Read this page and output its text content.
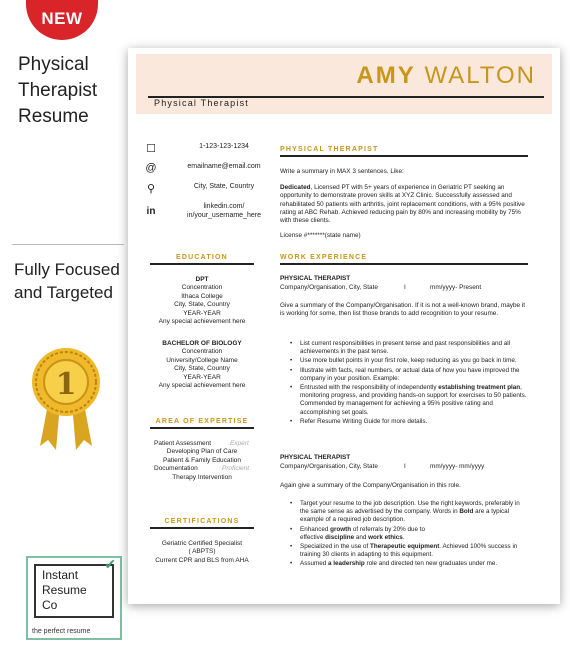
NEW
Physical
Therapist
Resume
Fully Focused
and Targeted
1
Instant
Resume
Co
✔
the perfect resume
AMY WALTON
Physical Therapist
☐	1-123-123-1234
@	emailname@email.com
⚲	City, State, Country
in	linkedin.com/
in/your_username_here
EDUCATION
DPT
Concentration
Ithaca College
City, State, Country
YEAR-YEAR
Any special achievement here
BACHELOR OF BIOLOGY
Concentration
University/College Name
City, State, Country
YEAR-YEAR
Any special achievement here
AREA OF EXPERTISE
Patient Assessment	Expert
Developing Plan of Care
Patient & Family Education
Documentation	Proficient
Therapy Intervention
CERTIFICATIONS
Geriatric Certified Specialist
( ABPTS)
Current CPR and BLS from AHA
PHYSICAL THERAPIST
Write a summary in MAX 3 sentences. Like:
Dedicated, Licensed PT with 5+ years of experience in Geriatric PT seeking an opportunity to demonstrate proven skills at XYZ Clinic. Successfully assessed and rehabilitated 50 patients with arthritis, joint replacement conditions, with a 95% positive rating at ABC Rehab. Achieved reducing pain by 80% and increasing mobility by 75% with these clients.
License #*******(state name)
WORK EXPERIENCE
PHYSICAL THERAPIST
Company/Organisation, City, State	I	mm/yyyy- Present
Give a summary of the Company/Organisation. If it is not a well-known brand, maybe it is working for some, then list those brands to add recognition to your resume.
• List current responsibilities in present tense and past responsibilities and all achievements in the past tense.
• Use more bullet points in your first role, keep reducing as you go back in time.
• Illustrate with facts, real numbers, or actual data of how you have improved the company in your position. Example:
• Entrusted with the responsibility of independently establishing treatment plan, monitoring progress, and providing hands-on support for exercises to 50 patients. Commended by management for achieving a 95% positive rating and accomplishing set goals.
• Refer Resume Writing Guide for more details.
PHYSICAL THERAPIST
Company/Organisation, City, State	I	mm/yyyy- mm/yyyy
Again give a summary of the Company/Organisation in this role.
• Target your resume to the job description. Use the right keywords, preferably in the same sense as advertised by the company. Words in Bold are a typical example of a required job description.
• Enhanced growth of referrals by 20% due to
effective discipline and work ethics.
• Specialized in the use of Therapeutic equipment. Achieved 100% success in training 30 clients in adapting to this equipment.
• Assumed a leadership role and directed ten new graduates under me.
